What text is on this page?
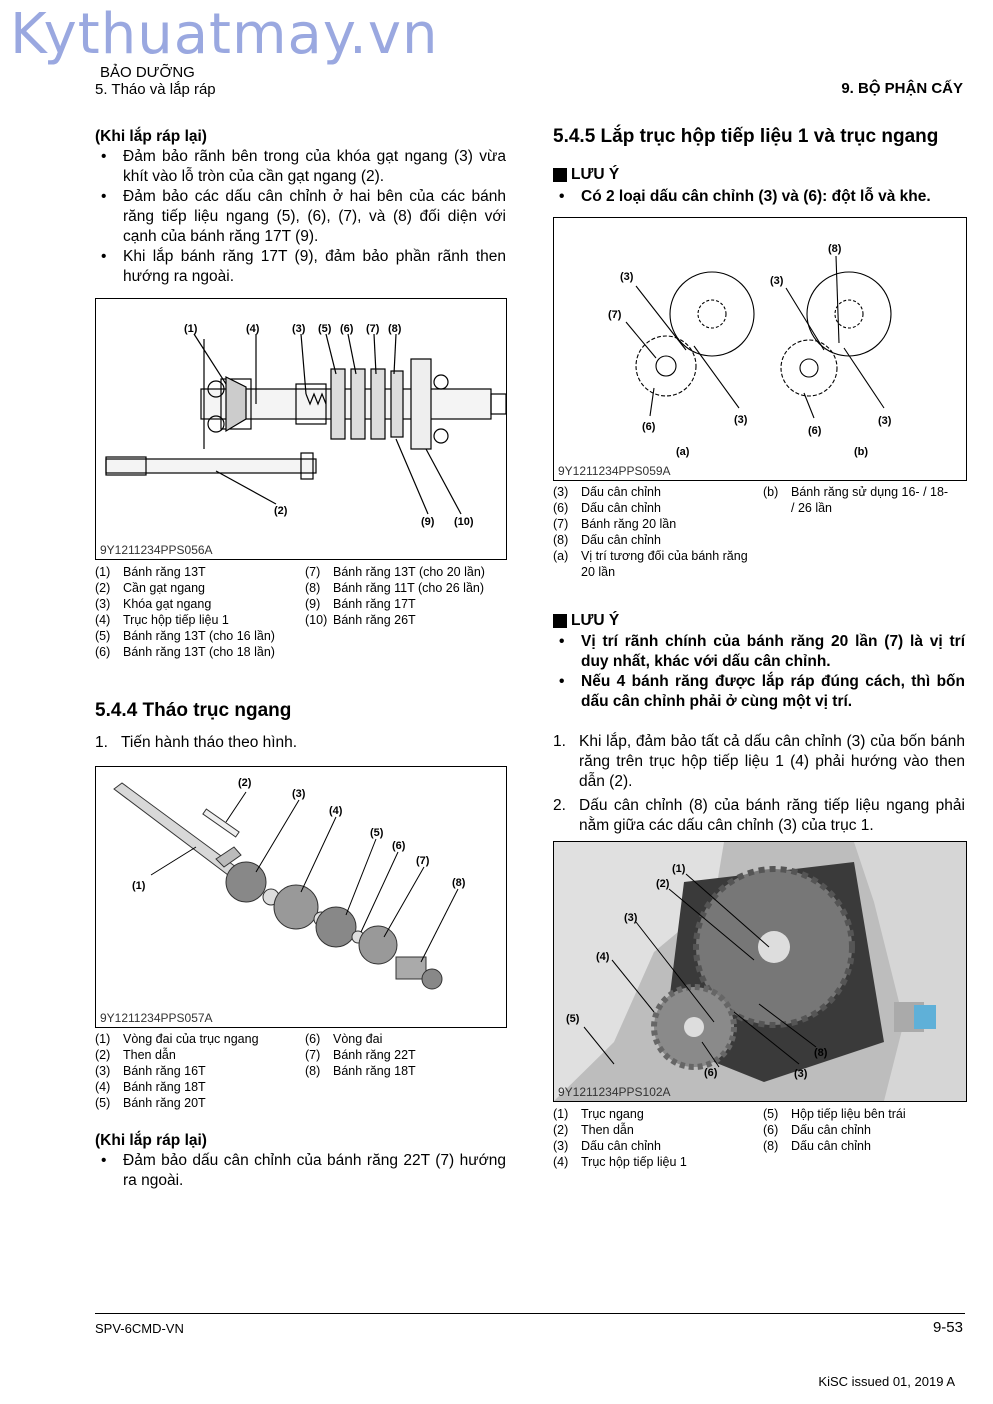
Kythuatmay.vn
BẢO DƯỠNG
5. Tháo và lắp ráp	9. BỘ PHẬN CẤY
(Khi lắp ráp lại)
• Đảm bảo rãnh bên trong của khóa gạt ngang (3) vừa khít vào lỗ tròn của cần gạt ngang (2).
• Đảm bảo các dấu cân chỉnh ở hai bên của các bánh răng tiếp liệu ngang (5), (6), (7), và (8) đối diện với cạnh của bánh răng 17T (9).
• Khi lắp bánh răng 17T (9), đảm bảo phần rãnh then hướng ra ngoài.
(1)	(4)	(3) (5) (6) (7) (8)
(2)
(9) (10)
9Y1211234PPS056A
(1)	Bánh răng 13T
(2)	Cần gạt ngang
(3)	Khóa gạt ngang
(4)	Trục hộp tiếp liệu 1
(5)	Bánh răng 13T (cho 16 lần)
(6)	Bánh răng 13T (cho 18 lần)
(7)	Bánh răng 13T (cho 20 lần)
(8)	Bánh răng 11T (cho 26 lần)
(9)	Bánh răng 17T
(10) Bánh răng 26T
5.4.4 Tháo trục ngang
1. Tiến hành tháo theo hình.
(1)
(2)
(3)
(4)
(5)
(6)
(7)
(8)
9Y1211234PPS057A
(1)	Vòng đai của trục ngang
(2)	Then dẫn
(3)	Bánh răng 16T
(4)	Bánh răng 18T
(5)	Bánh răng 20T
(6)	Vòng đai
(7)	Bánh răng 22T
(8)	Bánh răng 18T
(Khi lắp ráp lại)
• Đảm bảo dấu cân chỉnh của bánh răng 22T (7) hướng ra ngoài.
5.4.5 Lắp trục hộp tiếp liệu 1 và trục ngang
LƯU Ý
• Có 2 loại dấu cân chỉnh (3) và (6): đột lỗ và khe.
(3)
(7)
(3)
(6)
(a)
(8)
(3)
(6)
(3)
(b)
9Y1211234PPS059A
(3)	Dấu cân chỉnh
(6)	Dấu cân chỉnh
(7)	Bánh răng 20 lần
(8)	Dấu cân chỉnh
(a)	Vị trí tương đối của bánh răng 20 lần
(b)	Bánh răng sử dụng 16- / 18- / 26 lần
LƯU Ý
• Vị trí rãnh chính của bánh răng 20 lần (7) là vị trí duy nhất, khác với dấu cân chỉnh.
• Nếu 4 bánh răng được lắp ráp đúng cách, thì bốn dấu cân chỉnh phải ở cùng một vị trí.
1. Khi lắp, đảm bảo tất cả dấu cân chỉnh (3) của bốn bánh răng trên trục hộp tiếp liệu 1 (4) phải hướng vào then dẫn (2).
2. Dấu cân chỉnh (8) của bánh răng tiếp liệu ngang phải nằm giữa các dấu cân chỉnh (3) của trục 1.
(1)
(2)
(3)
(4)
(5)
(8)
(6)	(3)
9Y1211234PPS102A
(1)	Trục ngang
(2)	Then dẫn
(3)	Dấu cân chỉnh
(4)	Trục hộp tiếp liệu 1
(5)	Hộp tiếp liệu bên trái
(6)	Dấu cân chỉnh
(8)	Dấu cân chỉnh
SPV-6CMD-VN	9-53
KiSC issued 01, 2019 A
